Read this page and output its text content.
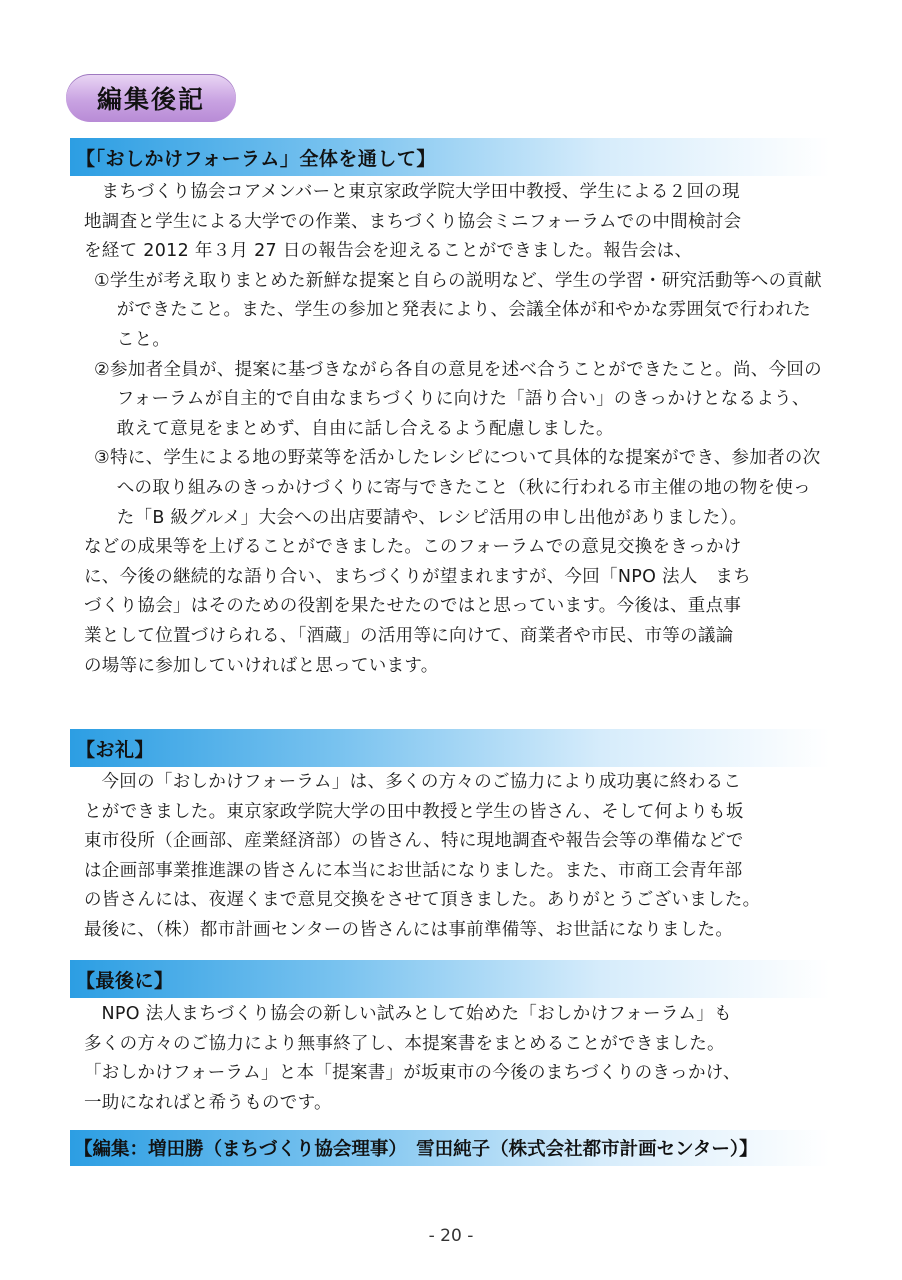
編集後記
【「おしかけフォーラム」全体を通して】

まちづくり協会コアメンバーと東京家政学院大学田中教授、学生による２回の現

地調査と学生による大学での作業、まちづくり協会ミニフォーラムでの中間検討会

を経て 2012 年３月 27 日の報告会を迎えることができました。報告会は、

①学生が考え取りまとめた新鮮な提案と自らの説明など、学生の学習・研究活動等への貢献ができたこと。また、学生の参加と発表により、会議全体が和やかな雰囲気で行われたこと。

②参加者全員が、提案に基づきながら各自の意見を述べ合うことができたこと。尚、今回のフォーラムが自主的で自由なまちづくりに向けた「語り合い」のきっかけとなるよう、敢えて意見をまとめず、自由に話し合えるよう配慮しました。

③特に、学生による地の野菜等を活かしたレシピについて具体的な提案ができ、参加者の次への取り組みのきっかけづくりに寄与できたこと（秋に行われる市主催の地の物を使った「B 級グルメ」大会への出店要請や、レシピ活用の申し出他がありました）。

などの成果等を上げることができました。このフォーラムでの意見交換をきっかけ

に、今後の継続的な語り合い、まちづくりが望まれますが、今回「NPO 法人　まち

づくり協会」はそのための役割を果たせたのではと思っています。今後は、重点事

業として位置づけられる、「酒蔵」の活用等に向けて、商業者や市民、市等の議論

の場等に参加していければと思っています。

【お礼】

今回の「おしかけフォーラム」は、多くの方々のご協力により成功裏に終わるこ

とができました。東京家政学院大学の田中教授と学生の皆さん、そして何よりも坂

東市役所（企画部、産業経済部）の皆さん、特に現地調査や報告会等の準備などで

は企画部事業推進課の皆さんに本当にお世話になりました。また、市商工会青年部

の皆さんには、夜遅くまで意見交換をさせて頂きました。ありがとうございました。

最後に、（株）都市計画センターの皆さんには事前準備等、お世話になりました。

【最後に】

NPO 法人まちづくり協会の新しい試みとして始めた「おしかけフォーラム」も

多くの方々のご協力により無事終了し、本提案書をまとめることができました。

「おしかけフォーラム」と本「提案書」が坂東市の今後のまちづくりのきっかけ、

一助になればと希うものです。

【編集：増田勝（まちづくり協会理事）　雪田純子（株式会社都市計画センター）】
- 20 -
